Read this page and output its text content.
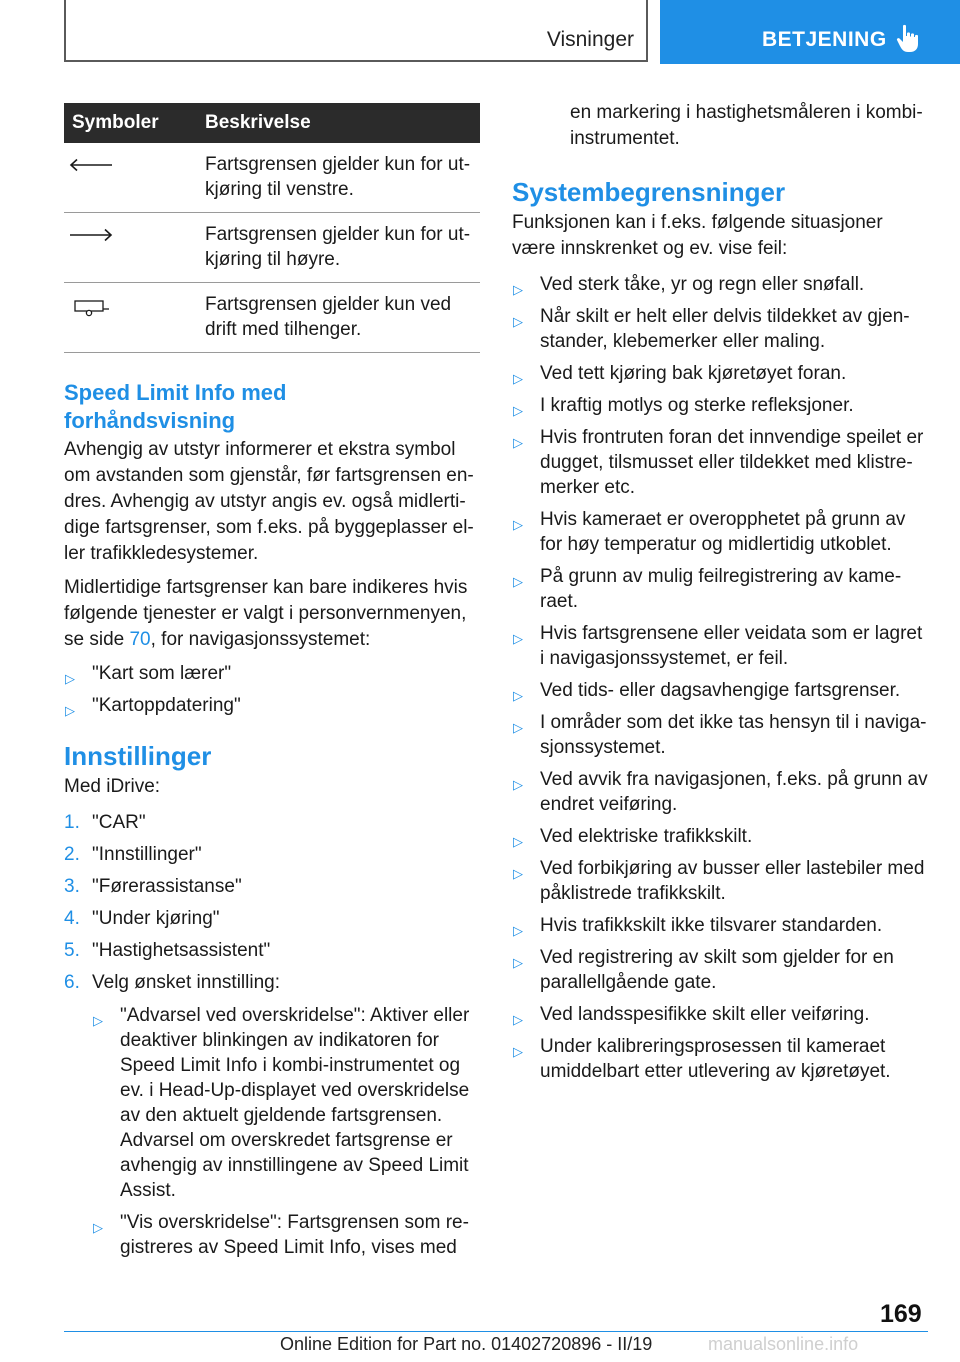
Visninger	BETJENING
Symboler	Beskrivelse

	Fartsgrensen gjelder kun for ut-kjøring til venstre.

	Fartsgrensen gjelder kun for ut-kjøring til høyre.

	Fartsgrensen gjelder kun ved drift med tilhenger.
Speed Limit Info med forhåndsvisning

Avhengig av utstyr informerer et ekstra symbol om avstanden som gjenstår, før fartsgrensen en-dres. Avhengig av utstyr angis ev. også midlerti-dige fartsgrenser, som f.eks. på byggeplasser el-ler trafikkledesystemer.

Midlertidige fartsgrenser kan bare indikeres hvis følgende tjenester er valgt i personvernmenyen, se side 70, for navigasjonssystemet:

▷ "Kart som lærer"
▷ "Kartoppdatering"
Innstillinger

Med iDrive:

1. "CAR"
2. "Innstillinger"
3. "Førerassistanse"
4. "Under kjøring"
5. "Hastighetsassistent"
6. Velg ønsket innstilling:
▷ "Advarsel ved overskridelse": Aktiver eller deaktiver blinkingen av indikatoren for Speed Limit Info i kombi-instrumentet og ev. i Head-Up-displayet ved overskridelse av den aktuelt gjeldende fartsgrensen. Advarsel om overskredet fartsgrense er avhengig av innstillingene av Speed Limit Assist.
▷ "Vis overskridelse": Fartsgrensen som re-gistreres av Speed Limit Info, vises med

en markering i hastighetsmåleren i kombi-instrumentet.

Systembegrensninger

Funksjonen kan i f.eks. følgende situasjoner være innskrenket og ev. vise feil:

▷ Ved sterk tåke, yr og regn eller snøfall.
▷ Når skilt er helt eller delvis tildekket av gjen-stander, klebemerker eller maling.
▷ Ved tett kjøring bak kjøretøyet foran.
▷ I kraftig motlys og sterke refleksjoner.
▷ Hvis frontruten foran det innvendige speilet er dugget, tilsmusset eller tildekket med klistre-merker etc.
▷ Hvis kameraet er overopphetet på grunn av for høy temperatur og midlertidig utkoblet.
▷ På grunn av mulig feilregistrering av kame-raet.
▷ Hvis fartsgrensene eller veidata som er lagret i navigasjonssystemet, er feil.
▷ Ved tids- eller dagsavhengige fartsgrenser.
▷ I områder som det ikke tas hensyn til i naviga-sjonssystemet.
▷ Ved avvik fra navigasjonen, f.eks. på grunn av endret veiføring.
▷ Ved elektriske trafikkskilt.
▷ Ved forbikjøring av busser eller lastebiler med påklistrede trafikkskilt.
▷ Hvis trafikkskilt ikke tilsvarer standarden.
▷ Ved registrering av skilt som gjelder for en parallellgående gate.
▷ Ved landsspesifikke skilt eller veiføring.
▷ Under kalibreringsprosessen til kameraet umiddelbart etter utlevering av kjøretøyet.
169
Online Edition for Part no. 01402720896 - II/19	manualsonline.info
